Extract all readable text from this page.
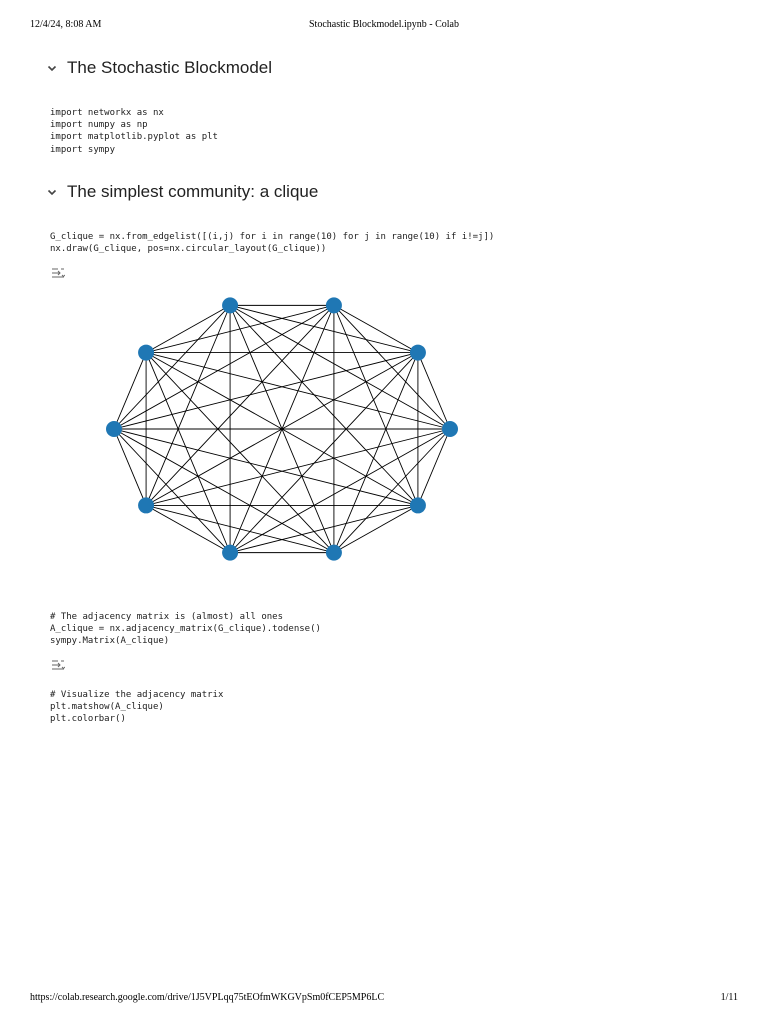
12/4/24, 8:08 AM	Stochastic Blockmodel.ipynb - Colab
The Stochastic Blockmodel
import networkx as nx
import numpy as np
import matplotlib.pyplot as plt
import sympy
The simplest community: a clique
G_clique = nx.from_edgelist([(i,j) for i in range(10) for j in range(10) if i!=j])
nx.draw(G_clique, pos=nx.circular_layout(G_clique))
# The adjacency matrix is (almost) all ones
A_clique = nx.adjacency_matrix(G_clique).todense()
sympy.Matrix(A_clique)
# Visualize the adjacency matrix
plt.matshow(A_clique)
plt.colorbar()
https://colab.research.google.com/drive/1J5VPLqq75tEOfmWKGVpSm0fCEP5MP6LC	1/11
